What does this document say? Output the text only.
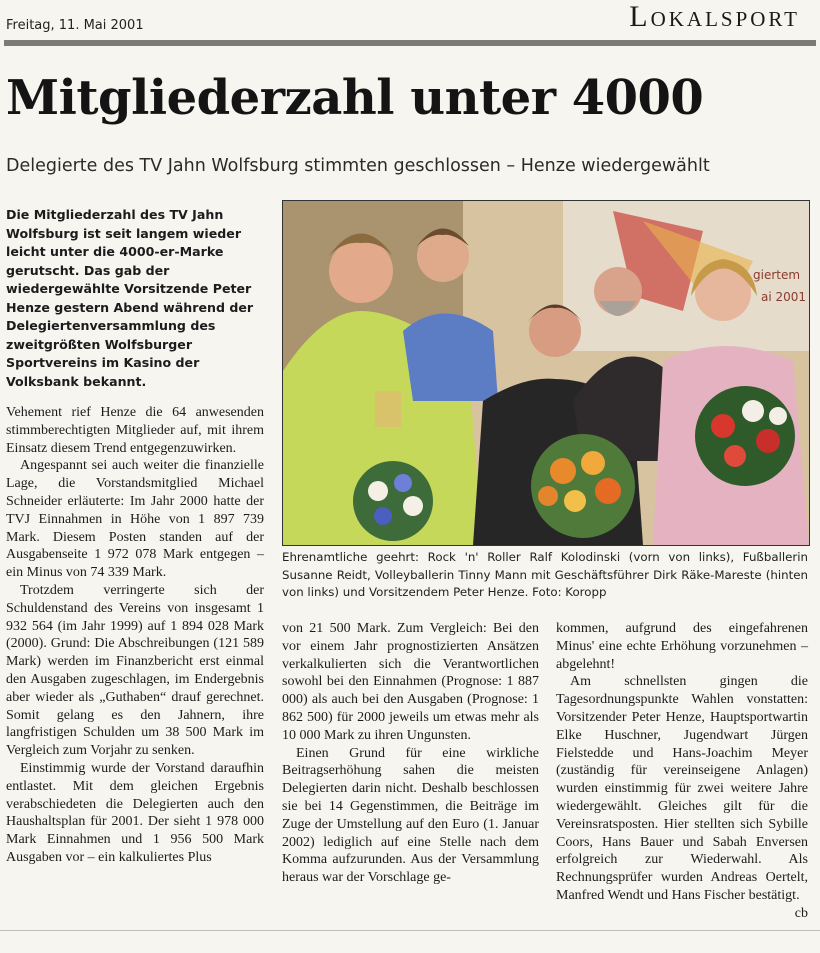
Freitag, 11. Mai 2001	Lokalsport
Mitgliederzahl unter 4000
Delegierte des TV Jahn Wolfsburg stimmten geschlossen – Henze wiedergewählt
Die Mitgliederzahl des TV Jahn Wolfsburg ist seit langem wieder leicht unter die 4000-er-Marke gerutscht. Das gab der wiedergewählte Vorsitzende Peter Henze gestern Abend während der Delegiertenversammlung des zweitgrößten Wolfsburger Sportvereins im Kasino der Volksbank bekannt.

Vehement rief Henze die 64 anwesenden stimmberechtigten Mitglieder auf, mit ihrem Einsatz diesem Trend entgegenzuwirken.

Angespannt sei auch weiter die finanzielle Lage, die Vorstandsmitglied Michael Schneider erläuterte: Im Jahr 2000 hatte der TVJ Einnahmen in Höhe von 1 897 739 Mark. Diesem Posten standen auf der Ausgabenseite 1 972 078 Mark entgegen – ein Minus von 74 339 Mark.

Trotzdem verringerte sich der Schuldenstand des Vereins von insgesamt 1 932 564 (im Jahr 1999) auf 1 894 028 Mark (2000). Grund: Die Abschreibungen (121 589 Mark) werden im Finanzbericht erst einmal den Ausgaben zugeschlagen, im Endergebnis aber wieder als „Guthaben“ drauf gerechnet. Somit gelang es den Jahnern, ihre langfristigen Schulden um 38 500 Mark im Vergleich zum Vorjahr zu senken.

Einstimmig wurde der Vorstand daraufhin entlastet. Mit dem gleichen Ergebnis verabschiedeten die Delegierten auch den Haushaltsplan für 2001. Der sieht 1 978 000 Mark Einnahmen und 1 956 500 Mark Ausgaben vor – ein kalkuliertes Plus

giertem
ai 2001
Ehrenamtliche geehrt: Rock 'n' Roller Ralf Kolodinski (vorn von links), Fußballerin Susanne Reidt, Volleyballerin Tinny Mann mit Geschäftsführer Dirk Räke-Mareste (hinten von links) und Vorsitzendem Peter Henze. Foto: Koropp

von 21 500 Mark. Zum Vergleich: Bei den vor einem Jahr prognostizierten Ansätzen verkalkulierten sich die Verantwortlichen sowohl bei den Einnahmen (Prognose: 1 887 000) als auch bei den Ausgaben (Prognose: 1 862 500) für 2000 jeweils um etwas mehr als 10 000 Mark zu ihren Ungunsten.

Einen Grund für eine wirkliche Beitragserhöhung sahen die meisten Delegierten darin nicht. Deshalb beschlossen sie bei 14 Gegenstimmen, die Beiträge im Zuge der Umstellung auf den Euro (1. Januar 2002) lediglich auf eine Stelle nach dem Komma aufzurunden. Aus der Versammlung heraus war der Vorschlage ge-

kommen, aufgrund des eingefahrenen Minus' eine echte Erhöhung vorzunehmen – abgelehnt!

Am schnellsten gingen die Tagesordnungspunkte Wahlen vonstatten: Vorsitzender Peter Henze, Hauptsportwartin Elke Huschner, Jugendwart Jürgen Fielstedde und Hans-Joachim Meyer (zuständig für vereinseigene Anlagen) wurden einstimmig für zwei weitere Jahre wiedergewählt. Gleiches gilt für die Vereinsratsposten. Hier stellten sich Sybille Coors, Hans Bauer und Sabah Enversen erfolgreich zur Wiederwahl. Als Rechnungsprüfer wurden Andreas Oertelt, Manfred Wendt und Hans Fischer bestätigt.
cb
